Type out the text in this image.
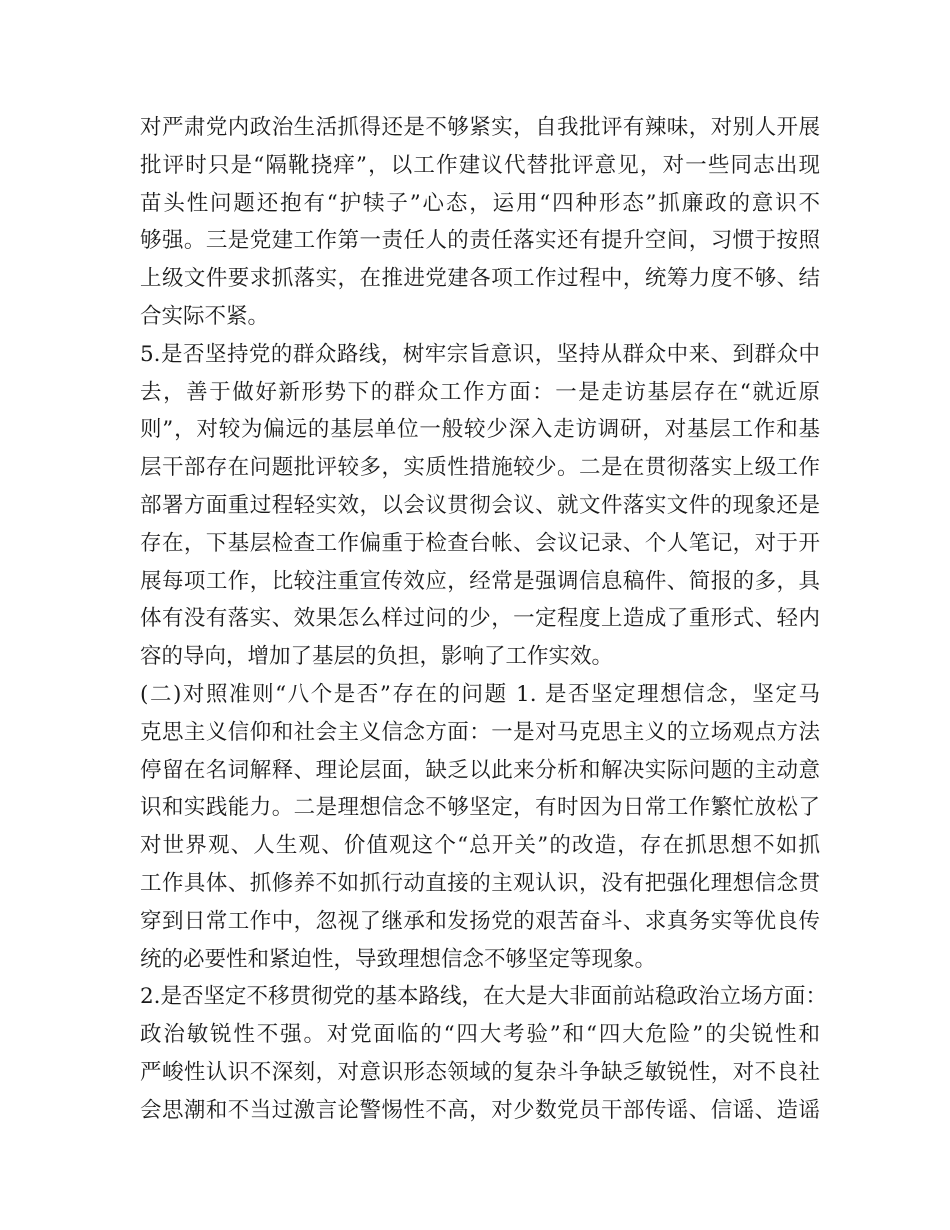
对严肃党内政治生活抓得还是不够紧实，自我批评有辣味，对别人开展
批评时只是“隔靴挠痒”，以工作建议代替批评意见，对一些同志出现
苗头性问题还抱有“护犊子”心态，运用“四种形态”抓廉政的意识不
够强。三是党建工作第一责任人的责任落实还有提升空间，习惯于按照
上级文件要求抓落实，在推进党建各项工作过程中，统筹力度不够、结
合实际不紧。
5.是否坚持党的群众路线，树牢宗旨意识，坚持从群众中来、到群众中
去，善于做好新形势下的群众工作方面：一是走访基层存在“就近原
则”，对较为偏远的基层单位一般较少深入走访调研，对基层工作和基
层干部存在问题批评较多，实质性措施较少。二是在贯彻落实上级工作
部署方面重过程轻实效，以会议贯彻会议、就文件落实文件的现象还是
存在，下基层检查工作偏重于检查台帐、会议记录、个人笔记，对于开
展每项工作，比较注重宣传效应，经常是强调信息稿件、简报的多，具
体有没有落实、效果怎么样过问的少，一定程度上造成了重形式、轻内
容的导向，增加了基层的负担，影响了工作实效。
(二)对照准则“八个是否”存在的问题 1. 是否坚定理想信念，坚定马
克思主义信仰和社会主义信念方面：一是对马克思主义的立场观点方法
停留在名词解释、理论层面，缺乏以此来分析和解决实际问题的主动意
识和实践能力。二是理想信念不够坚定，有时因为日常工作繁忙放松了
对世界观、人生观、价值观这个“总开关”的改造，存在抓思想不如抓
工作具体、抓修养不如抓行动直接的主观认识，没有把强化理想信念贯
穿到日常工作中，忽视了继承和发扬党的艰苦奋斗、求真务实等优良传
统的必要性和紧迫性，导致理想信念不够坚定等现象。
2.是否坚定不移贯彻党的基本路线，在大是大非面前站稳政治立场方面：
政治敏锐性不强。对党面临的“四大考验”和“四大危险”的尖锐性和
严峻性认识不深刻，对意识形态领域的复杂斗争缺乏敏锐性，对不良社
会思潮和不当过激言论警惕性不高，对少数党员干部传谣、信谣、造谣
